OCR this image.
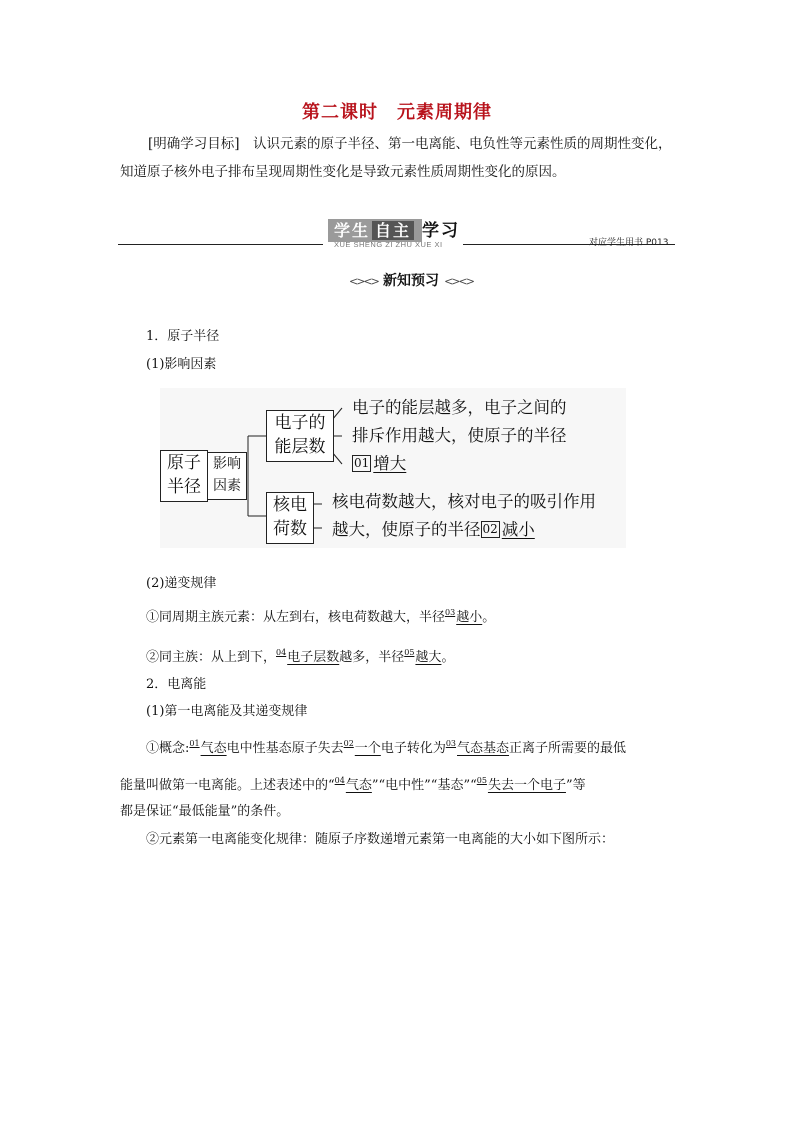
第二课时　元素周期律

[明确学习目标]　认识元素的原子半径、第一电离能、电负性等元素性质的周期性变化，

知道原子核外电子排布呈现周期性变化是导致元素性质周期性变化的原因。

学生 自主 学习
XUE SHENG ZI ZHU XUE XI	对应学生用书 P013
<><> 新知预习 <><>
1．原子半径
(1)影响因素
原子
半径
影响
因素
电子的
能层数
核电
荷数
电子的能层越多，电子之间的
排斥作用越大，使原子的半径
01 增大
核电荷数越大，核对电子的吸引作用
越大，使原子的半径 02 减小
(2)递变规律
①同周期主族元素：从左到右，核电荷数越大，半径$^{03}$越小。
②同主族：从上到下，$^{04}$电子层数越多，半径$^{05}$越大。
2．电离能
(1)第一电离能及其递变规律
①概念:$^{01}$气态电中性基态原子失去$^{02}$一个电子转化为$^{03}$气态基态正离子所需要的最低
能量叫做第一电离能。上述表述中的“$^{04}$气态”“电中性”“基态”“$^{05}$失去一个电子”等
都是保证“最低能量”的条件。
②元素第一电离能变化规律：随原子序数递增元素第一电离能的大小如下图所示：
